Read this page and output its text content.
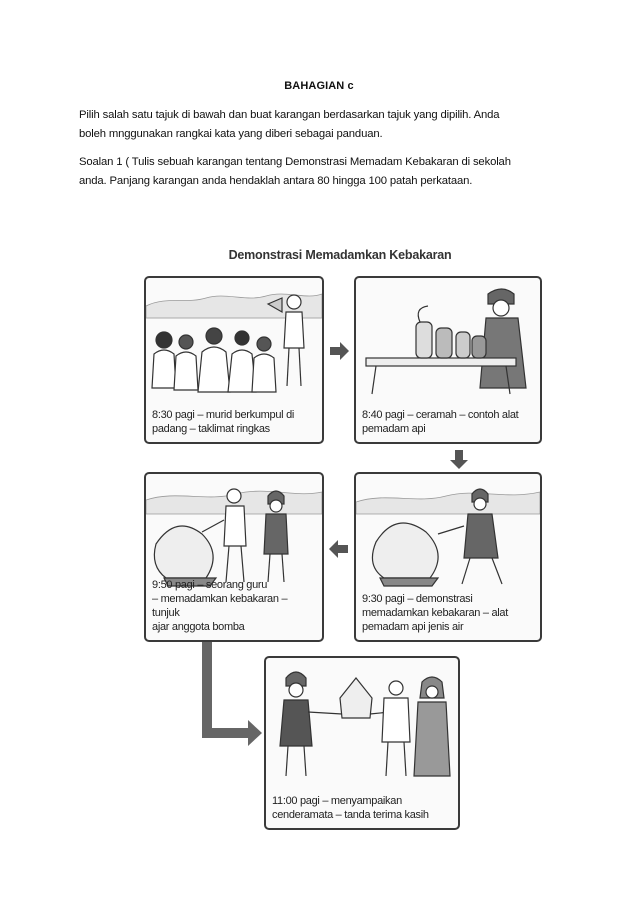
BAHAGIAN c
Pilih salah satu tajuk di bawah dan buat karangan berdasarkan tajuk yang dipilih. Anda
boleh mnggunakan rangkai kata yang diberi sebagai panduan.
Soalan 1 ( Tulis sebuah karangan tentang Demonstrasi Memadam Kebakaran di sekolah
anda. Panjang karangan anda hendaklah antara 80 hingga 100 patah perkataan.
Demonstrasi Memadamkan Kebakaran
8:30 pagi – murid berkumpul di
padang – taklimat ringkas
8:40 pagi – ceramah – contoh alat
pemadam api
9:50 pagi – seorang guru
– memadamkan kebakaran – tunjuk
ajar anggota bomba
9:30 pagi – demonstrasi
memadamkan kebakaran – alat
pemadam api jenis air
11:00 pagi – menyampaikan
cenderamata – tanda terima kasih
